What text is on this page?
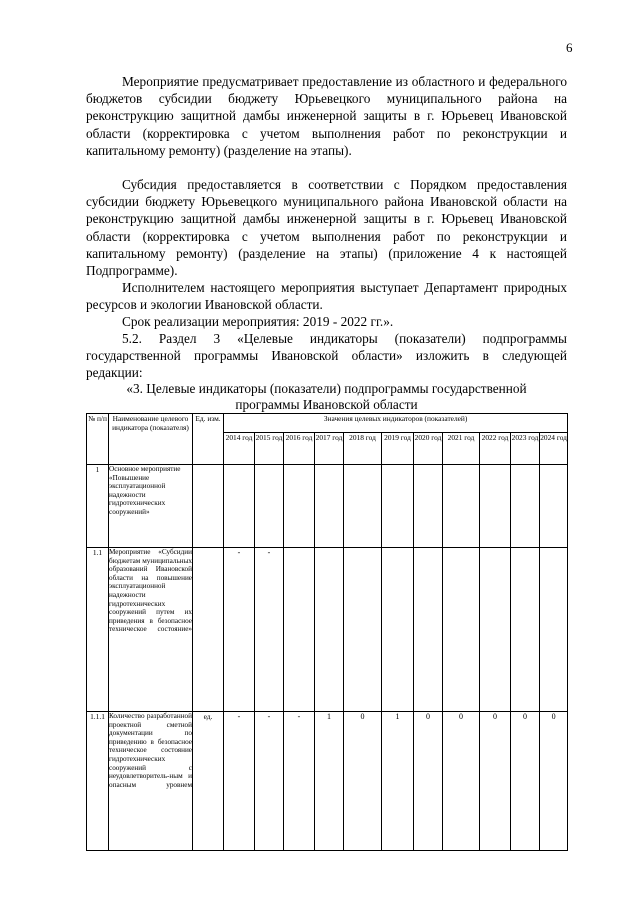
6

Мероприятие предусматривает предоставление из областного и федерального бюджетов субсидии бюджету Юрьевецкого муниципального района на реконструкцию защитной дамбы инженерной защиты в г. Юрьевец Ивановской области (корректировка с учетом выполнения работ по реконструкции и капитальному ремонту) (разделение на этапы).

Субсидия предоставляется в соответствии с Порядком предоставления субсидии бюджету Юрьевецкого муниципального района Ивановской области на реконструкцию защитной дамбы инженерной защиты в г. Юрьевец Ивановской области (корректировка с учетом выполнения работ по реконструкции и капитальному ремонту) (разделение на этапы) (приложение 4 к настоящей Подпрограмме).

Исполнителем настоящего мероприятия выступает Департамент природных ресурсов и экологии Ивановской области.

Срок реализации мероприятия: 2019 - 2022 гг.».

5.2. Раздел 3 «Целевые индикаторы (показатели) подпрограммы государственной программы Ивановской области» изложить в следующей редакции:

«3. Целевые индикаторы (показатели) подпрограммы государственной
программы Ивановской области

№ п/п	Наименование целевого индикатора (показателя)	Ед. изм.	Значения целевых индикаторов (показателей)										
			2014 год	2015 год	2016 год	2017 год	2018 год	2019 год	2020 год	2021 год	2022 год	2023 год	2024 год
1	Основное мероприятие «Повышение эксплуатационной надежности гидротехнических сооружений»												
1.1	Мероприятие «Субсидии бюджетам муниципальных образований Ивановской области на повышение эксплуатационной надежности гидротехнических сооружений путем их приведения в безопасное техническое состояние»		-	-									
1.1.1	Количество разработанной проектной сметной документации по приведению в безопасное техническое состояние гидротехнических сооружений с неудовлетворитель-ным и опасным уровнем	ед.	-	-	-	1	0	1	0	0	0	0	0
